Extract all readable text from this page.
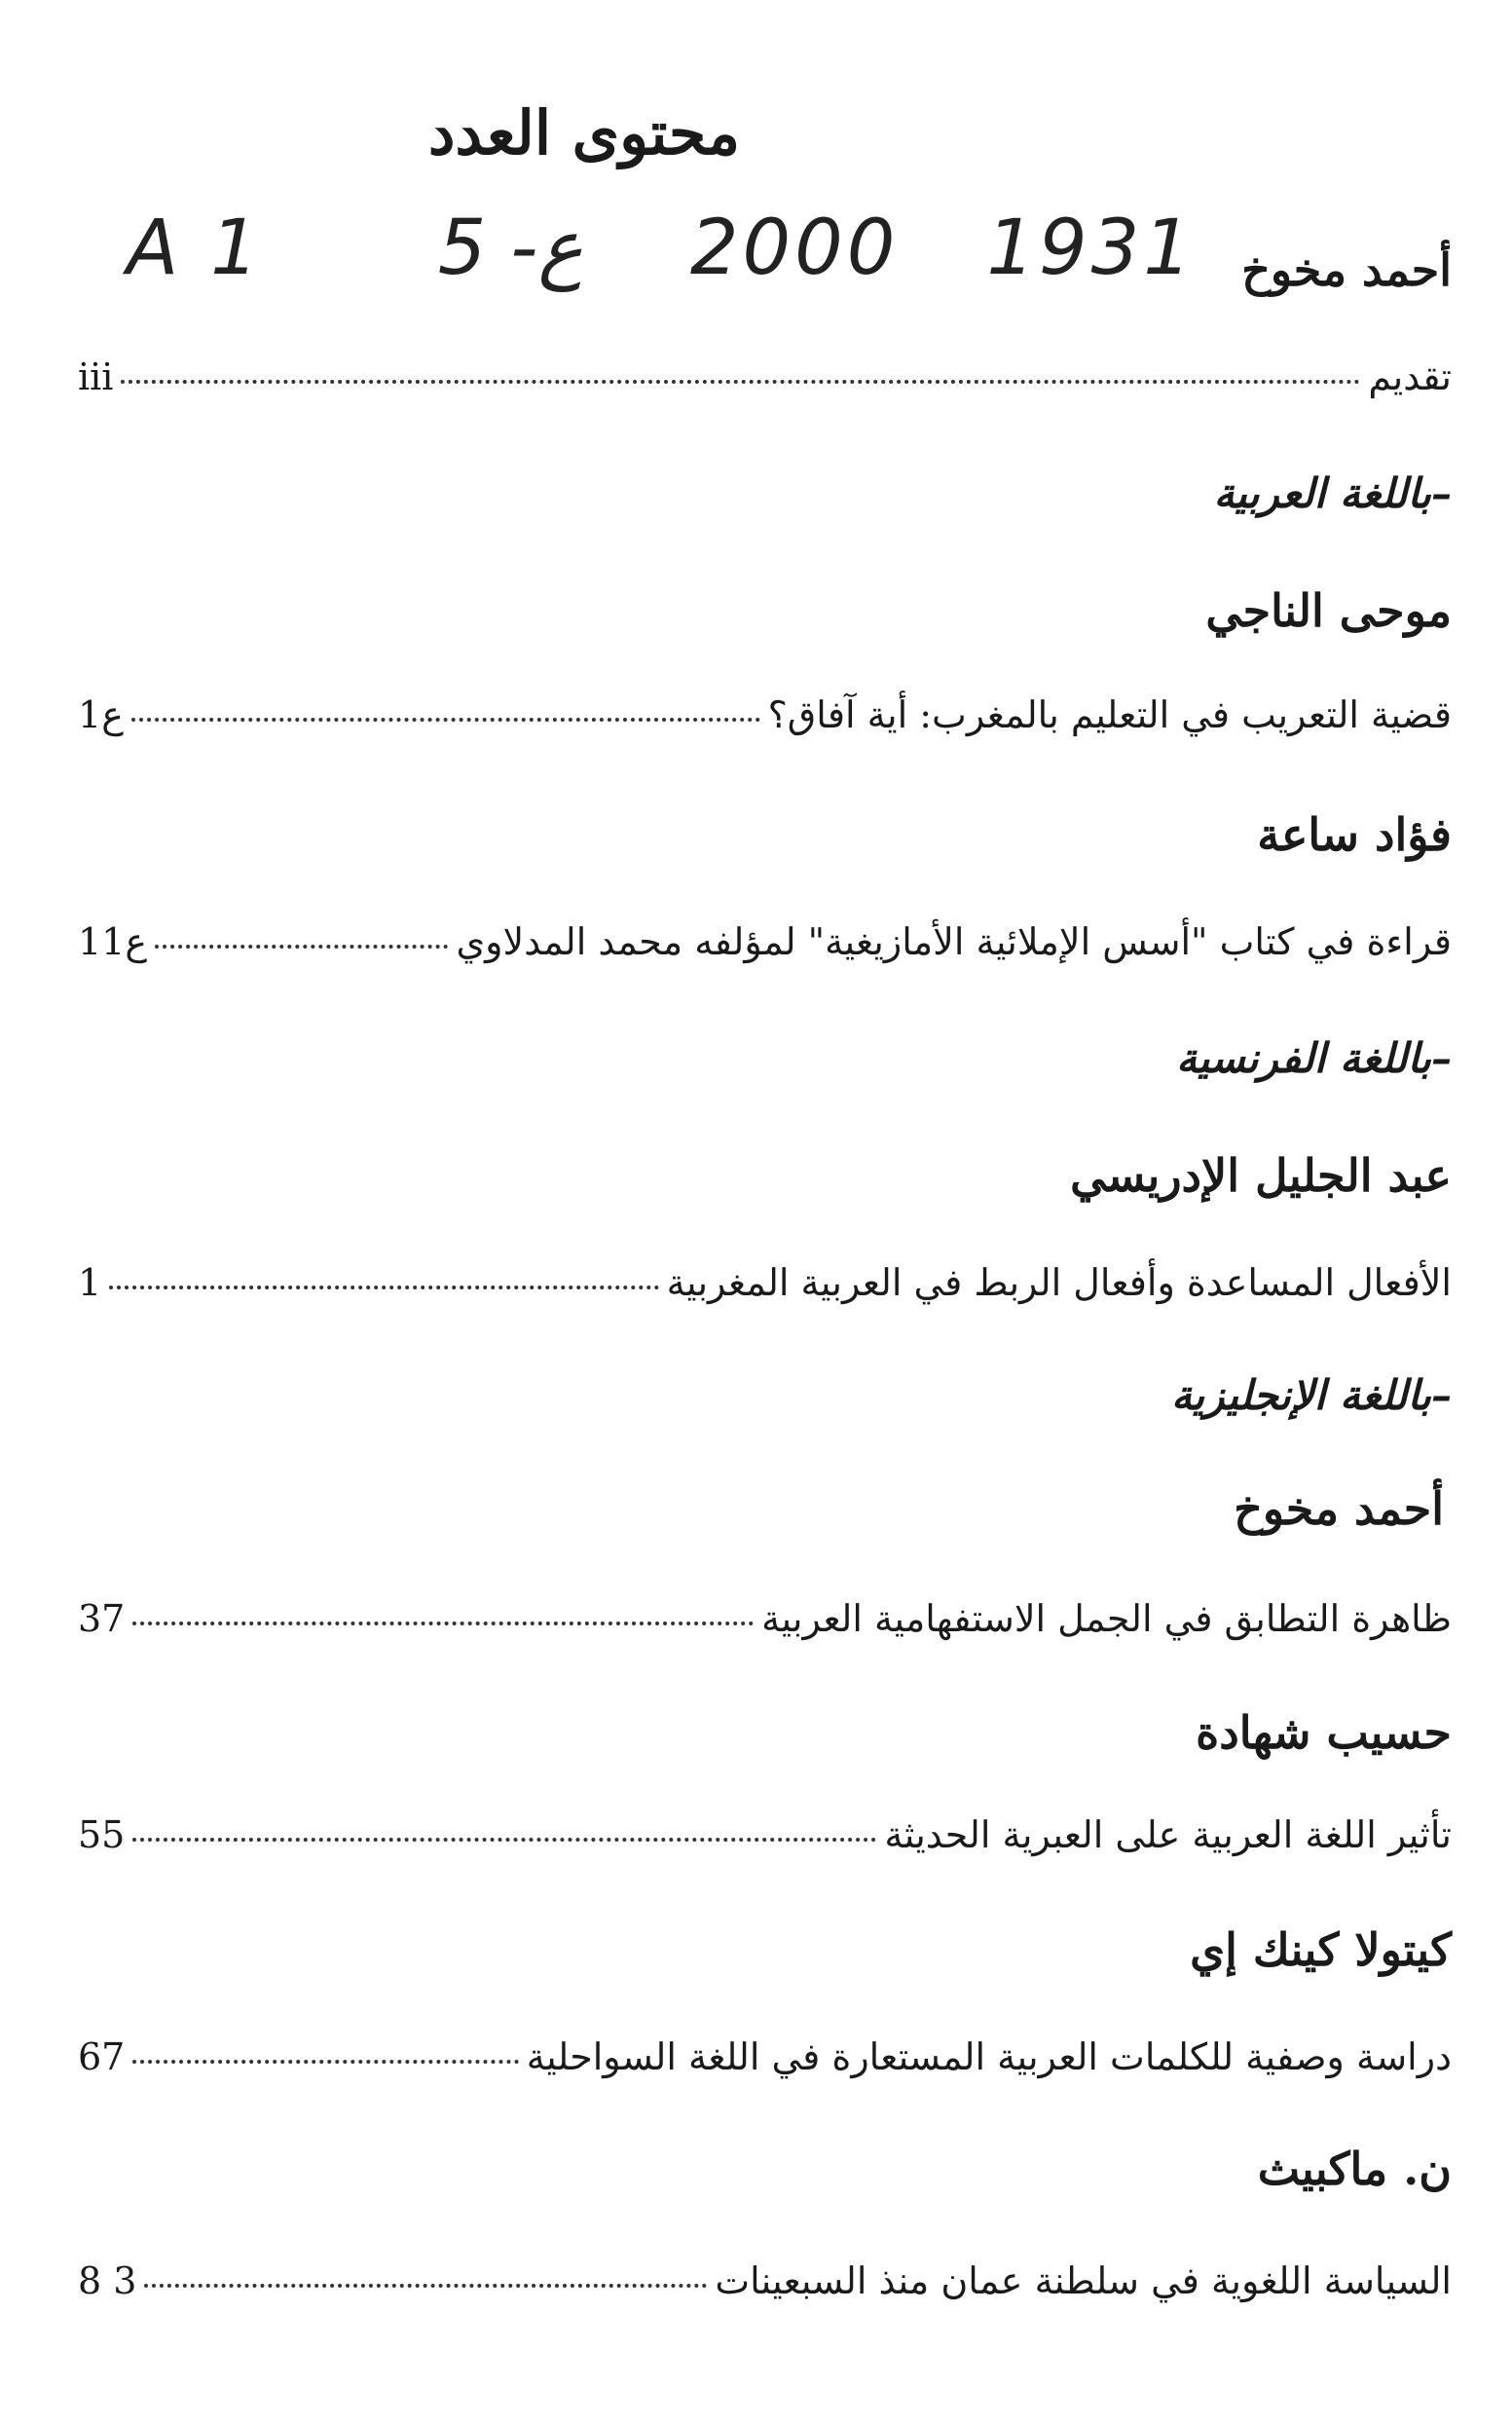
محتوى العدد
A 1 5 -ع 2000 1931 أحمد مخوخ
تقديم
iii
–باللغة العربية
موحى الناجي
قضية التعريب في التعليم بالمغرب: أية آفاق؟
ع1
فؤاد ساعة
قراءة في كتاب "أسس الإملائية الأمازيغية" لمؤلفه محمد المدلاوي
ع11
–باللغة الفرنسية
عبد الجليل الإدريسي
الأفعال المساعدة وأفعال الربط في العربية المغربية
1
–باللغة الإنجليزية
أحمد مخوخ
ظاهرة التطابق في الجمل الاستفهامية العربية
37
حسيب شهادة
تأثير اللغة العربية على العبرية الحديثة
55
كيتولا كينك إي
دراسة وصفية للكلمات العربية المستعارة في اللغة السواحلية
67
ن. ماكبيث
السياسة اللغوية في سلطنة عمان منذ السبعينات
8 3
